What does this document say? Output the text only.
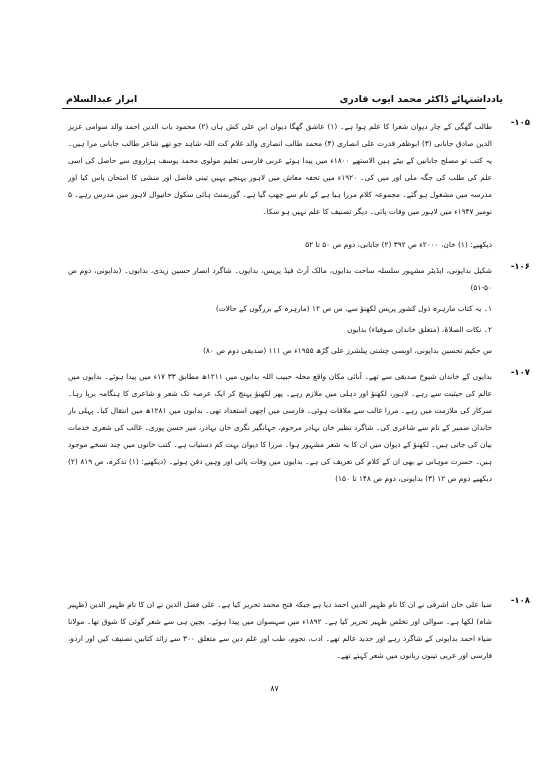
یادداشتہائے ڈاکٹر محمد ایوب قادری
ابرار عبدالسلام
-۱۰۵

طالب گھگی کے چار دیوان شعرا کا علم ہوا ہے۔ (۱) عاشق گھگا دیوان ابن علی کش ہاں (۲) محمود باب الدین احمد والد سوامی عزیز الدین صادق جابانی (۳) ابوظفر قدرت علی انصاری (۴) محمد طالب انصاری والد غلام کت اللہ شاہد جو تھے شاعر طالب جابانی مرا ہیں۔ یہ کتب تو مصلح جابانیں کے بیٹے ہیں الاستھے ۱۸۰۰ء میں پیدا ہوئے عربی فارسی تعلیم مولوی محمد یوسف ہزاروی سے حاصل کی اسی علم کی طلب کی جگہ ملی اور میں کی۔ ۱۹۲۰ء میں تحفہ معاش میں لاہور پہنچے یہیں تینی فاضل اور منشی کا امتحان پاس کیا اور مدرسہ میں مشغول ہو گئے۔ مجموعہ کلام مرزا ہیا ہے کے نام سے چھپ گیا ہے۔ گورنمنٹ ہائی سکول خانیوال لاہور میں مدرس رہے۔ ۵ نومبر ۱۹۴۷ء میں لاہور میں وفات پائی۔ دیگر تصنیف کا علم نہیں ہو سکا۔

دیکھیے: (۱) خان، ۲۰۰۰ء ص ۳۹۲ (۲) جابانی، دوم ص ۵۰ تا ۵۲
-۱۰۶

شکیل بدایونی، ایڈیٹر مشہور سلسلہ ساحت بدایوں، مالک آرٹ فیڈ پریس، بدایوں۔ شاگرد انصار حسین زیدی، بدایوں۔ (بدایونی، دوم ص ۵۰-۵۱)

۱۔ یہ کتاب مارہرہ ذول کشور پریس لکھنؤ سے، س ص ۱۲ (مارہرہ کے بزرگوں کے حالات)
۲۔ نکات الصلاۃ، (متعلق خاندان صوفیاء) بدایوں
س حکیم تحسین بدایونی، اویسی چشتی پبلشرز علی گڑھ ۱۹۵۵ء ص ۱۱۱ (صدیقی دوم ص ۸۰)
-۱۰۷

بدایوں کے خاندان شیوخ صدیقی سے تھے۔ آبائی مکان واقع محلہ حبیب اللہ بدایوں میں ۱۲۱۱ھ مطابق ۳۳ ۱۷ء میں پیدا ہوئے۔ بدایوں میں عالم کی حیثیت سے رہے۔ لاہور، لکھنؤ اور دہلی میں ملازم رہے۔ پھر لکھنؤ پہنچ کر ایک عرصہ تک شعر و شاعری کا ہنگامہ برپا رہا۔ سرکار کی ملازمت میں رہے۔ مرزا غالب سے ملاقات ہوئی۔ فارسی میں اچھی استعداد تھی۔ بدایوں میں ۱۲۸۱ھ میں انتقال کیا۔ پہلی بار خاندان ضمیر کے نام سے شاعری کی۔ شاگرد نظیر خان بہادر مرحوم، جہانگیر نگری خان بہادر، میر حسن پوری۔ غالب کی شعری خدمات بیان کی جاتی ہیں۔ لکھنؤ کے دیوان میں ان کا یہ شعر مشہور ہوا۔ مرزا کا دیوان بہت کم دستیاب ہے۔ کتب خانوں میں چند نسخے موجود ہیں۔ حسرت موہانی نے بھی ان کے کلام کی تعریف کی ہے۔ بدایوں میں وفات پائی اور وہیں دفن ہوئے۔ (دیکھیے: (۱) تذکرہ، ص ۸۱۹ (۲) دیکھیے دوم ص ۱۲ (۳) بدایونی، دوم ص ۱۴۸ تا ۱۵۰)

-۱۰۸

ضیا علی خان اشرفی نے ان کا نام ظہیر الدین احمد دیا ہے جبکہ فتح محمد تحریر کیا ہے۔ علی فضل الدین نے ان کا نام ظہیر الدین (ظہیر شاہ) لکھا ہے۔ سوالی اور تخلص ظہیر تحریر کیا ہے۔ ۱۸۹۲ء میں سہسوان میں پیدا ہوئے۔ بچپن ہی سے شعر گوئی کا شوق تھا۔ مولانا ضیاء احمد بدایونی کے شاگرد رہے اور جدید عالم تھے۔ ادب، نجوم، طب اور علم دین سے متعلق ۳۰۰ سے زائد کتابیں تصنیف کیں اور اردو، فارسی اور عربی تینوں زبانوں میں شعر کہتے تھے۔

۸۷
